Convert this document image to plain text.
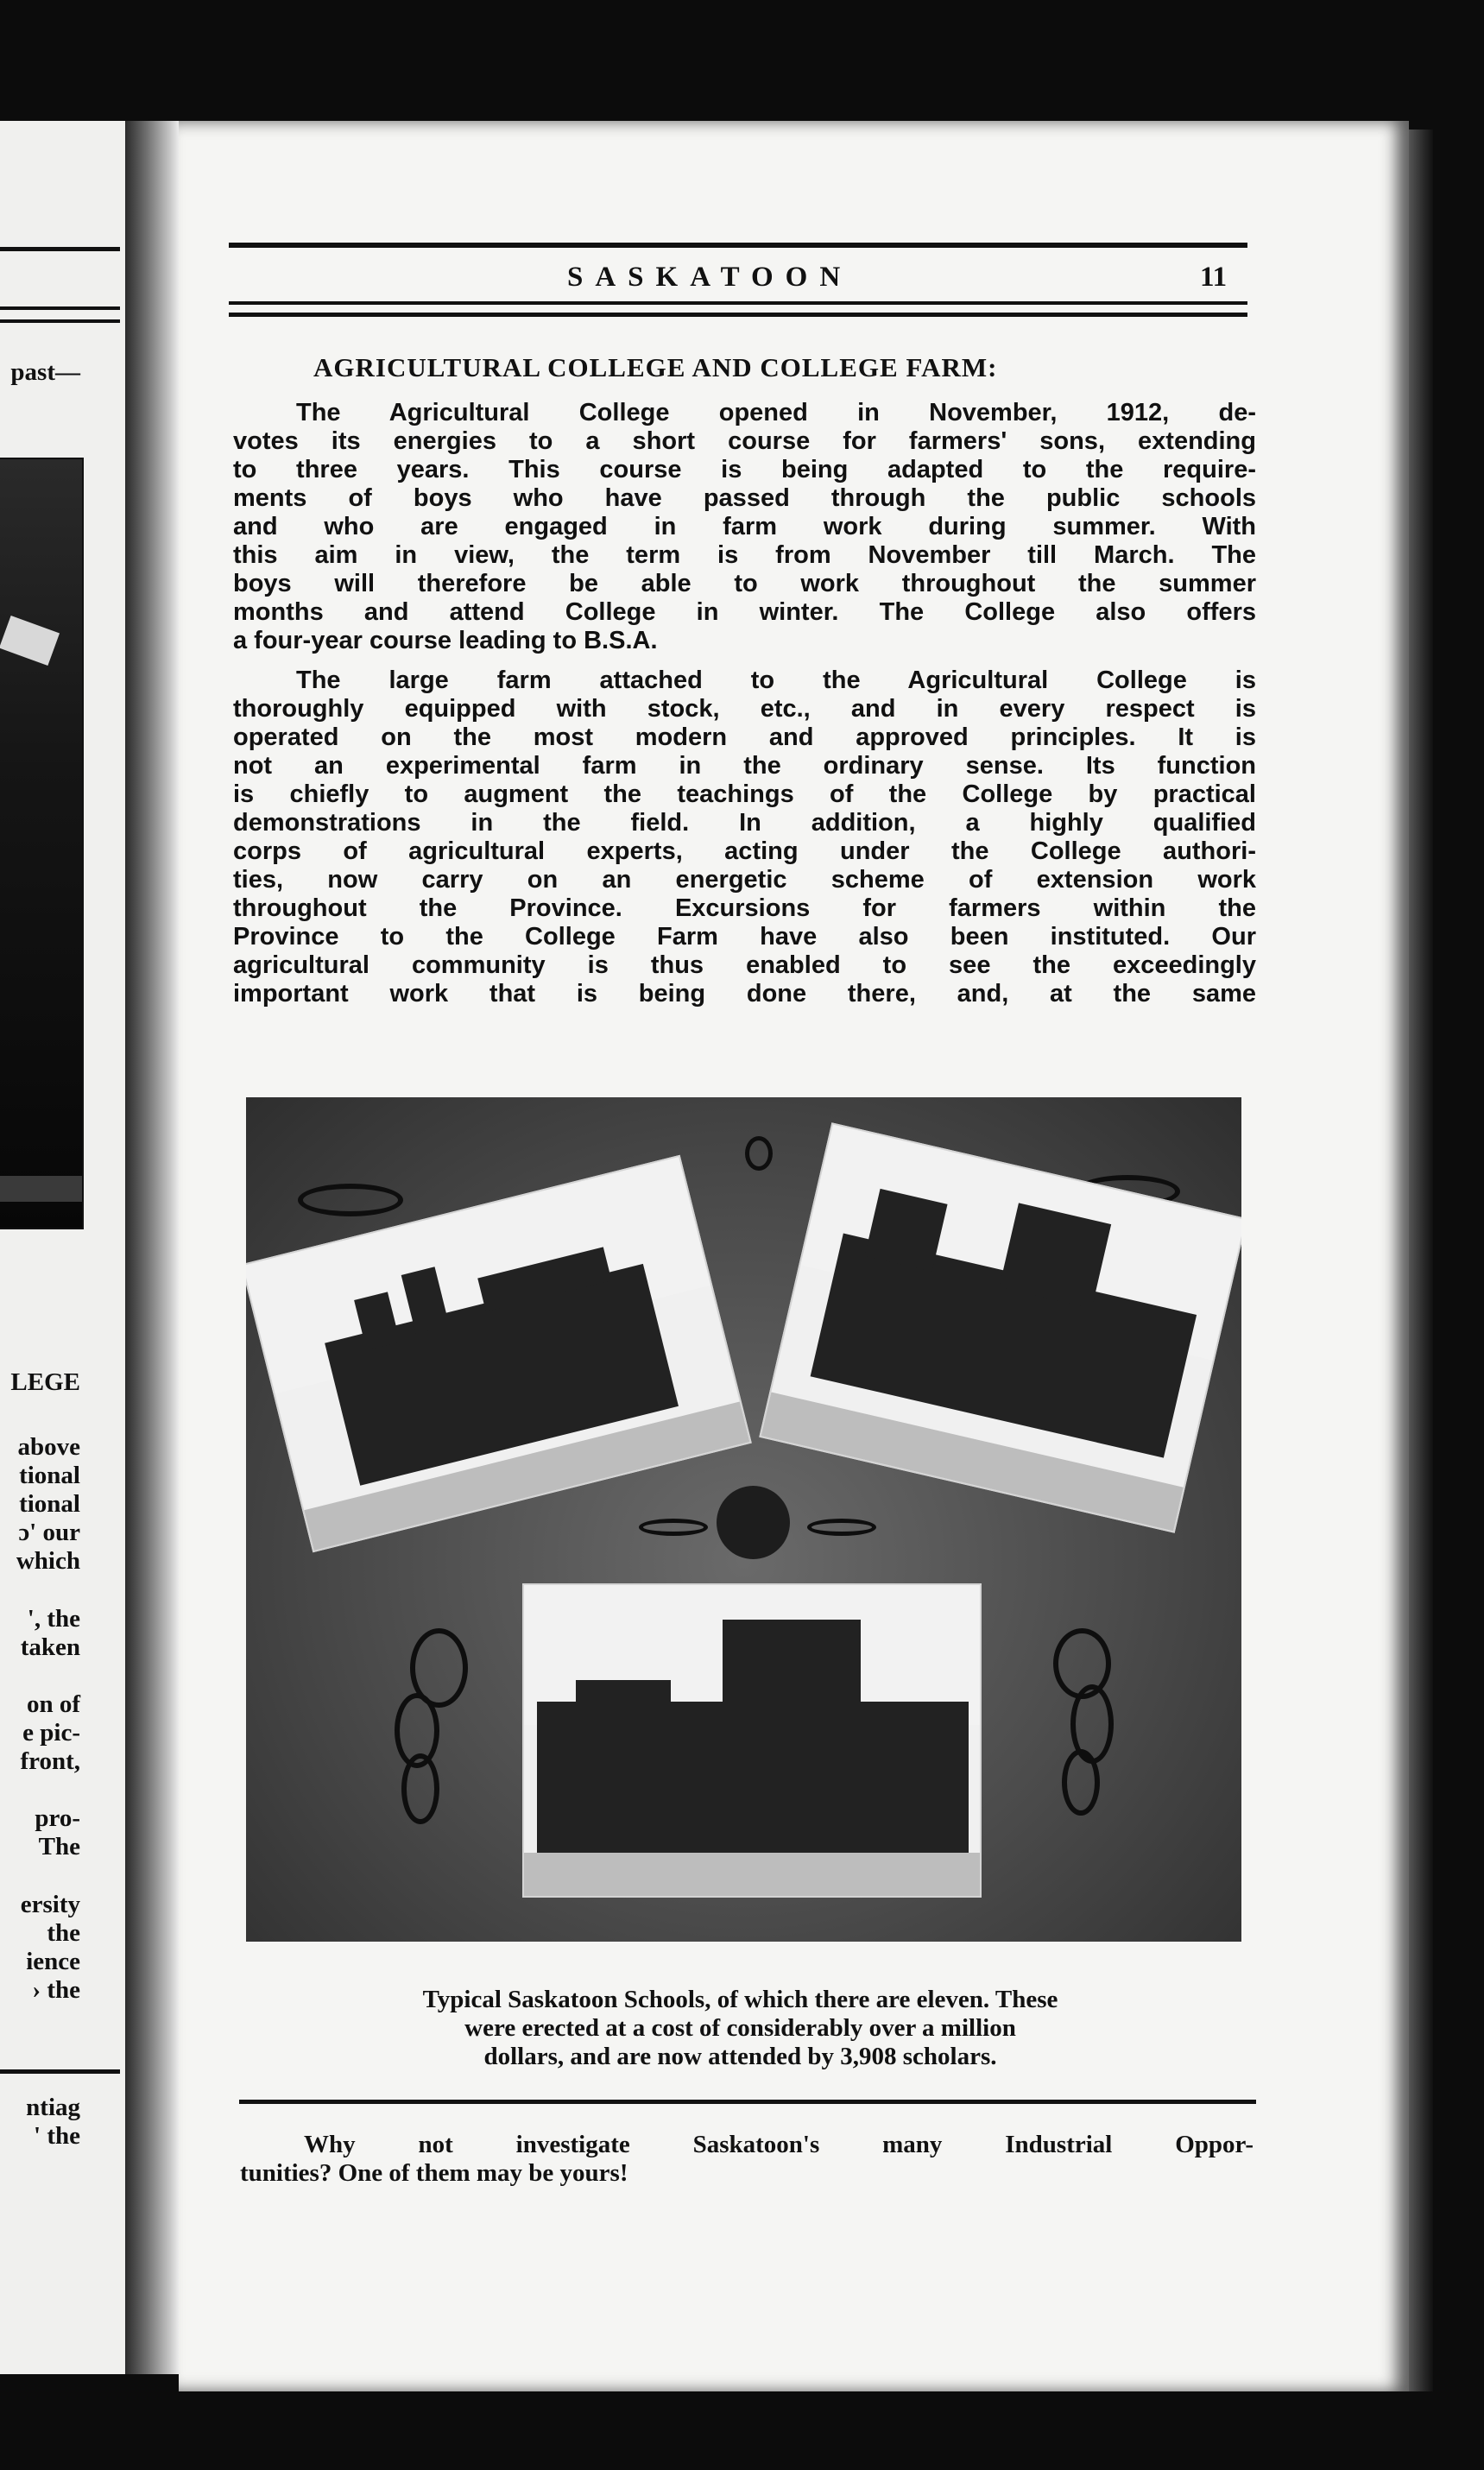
past—
LEGE
above
tional
tional
ɔ' our
which
', the
taken
on of
e pic-
front,
pro-
The
ersity
the
ience
› the
ntiag
' the
SASKATOON	11
AGRICULTURAL COLLEGE AND COLLEGE FARM:
The Agricultural College opened in November, 1912, de-
votes its energies to a short course for farmers' sons, extending
to three years. This course is being adapted to the require-
ments of boys who have passed through the public schools
and who are engaged in farm work during summer. With
this aim in view, the term is from November till March. The
boys will therefore be able to work throughout the summer
months and attend College in winter. The College also offers
a four-year course leading to B.S.A.
The large farm attached to the Agricultural College is
thoroughly equipped with stock, etc., and in every respect is
operated on the most modern and approved principles. It is
not an experimental farm in the ordinary sense. Its function
is chiefly to augment the teachings of the College by practical
demonstrations in the field. In addition, a highly qualified
corps of agricultural experts, acting under the College authori-
ties, now carry on an energetic scheme of extension work
throughout the Province. Excursions for farmers within the
Province to the College Farm have also been instituted. Our
agricultural community is thus enabled to see the exceedingly
important work that is being done there, and, at the same
Typical Saskatoon Schools, of which there are eleven. These
were erected at a cost of considerably over a million
dollars, and are now attended by 3,908 scholars.
Why not investigate Saskatoon's many Industrial Oppor-
tunities? One of them may be yours!
